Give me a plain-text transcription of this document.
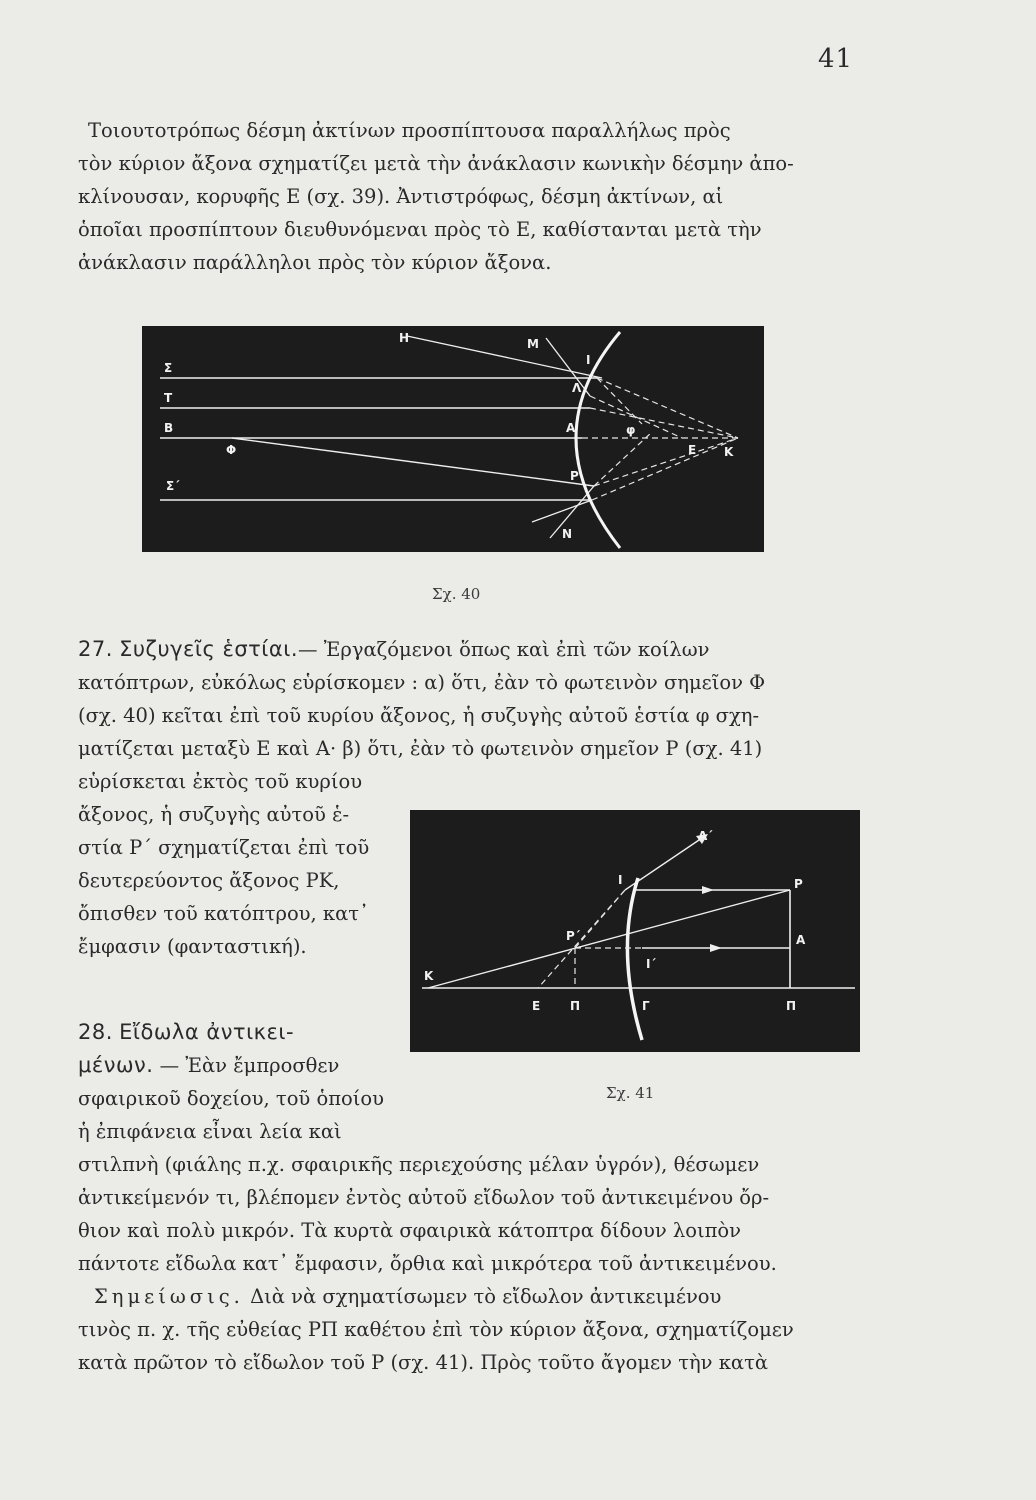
41
Τοιουτοτρόπως δέσμη ἀκτίνων προσπίπτουσα παραλλήλως πρὸς
τὸν κύριον ἄξονα σχηματίζει μετὰ τὴν ἀνάκλασιν κωνικὴν δέσμην ἀπο-
κλίνουσαν, κορυφῆς Ε (σχ. 39). Ἀντιστρόφως, δέσμη ἀκτίνων, αἱ
ὁποῖαι προσπίπτουν διευθυνόμεναι πρὸς τὸ Ε, καθίστανται μετὰ τὴν
ἀνάκλασιν παράλληλοι πρὸς τὸν κύριον ἄξονα.
Η	Μ
Ι
Σ
Τ
Λ
Β	Α	φ
Ε Κ
Φ
Σ΄
Ρ
Ν
Σχ. 40
27. Συζυγεῖς ἑστίαι.— Ἐργαζόμενοι ὅπως καὶ ἐπὶ τῶν κοίλων
κατόπτρων, εὐκόλως εὑρίσκομεν : α) ὅτι, ἐὰν τὸ φωτεινὸν σημεῖον Φ
(σχ. 40) κεῖται ἐπὶ τοῦ κυρίου ἄξονος, ἡ συζυγὴς αὐτοῦ ἑστία φ σχη-
ματίζεται μεταξὺ Ε καὶ Α· β) ὅτι, ἐὰν τὸ φωτεινὸν σημεῖον Ρ (σχ. 41)
εὑρίσκεται ἐκτὸς τοῦ κυρίου
ἄξονος, ἡ συζυγὴς αὐτοῦ ἑ-
στία Ρ΄ σχηματίζεται ἐπὶ τοῦ
δευτερεύοντος ἄξονος ΡΚ,
ὄπισθεν τοῦ κατόπτρου, κατ᾽
ἔμφασιν (φανταστική).
Α΄
Ι	Ρ
Ρ΄
Ι΄
Α
Κ
Ε Π	Γ	Π
Σχ. 41
28. Εἴδωλα ἀντικει-
μένων. — Ἐὰν ἔμπροσθεν
σφαιρικοῦ δοχείου, τοῦ ὁποίου
ἡ ἐπιφάνεια εἶναι λεία καὶ
στιλπνὴ (φιάλης π.χ. σφαιρικῆς περιεχούσης μέλαν ὑγρόν), θέσωμεν
ἀντικείμενόν τι, βλέπομεν ἐντὸς αὐτοῦ εἴδωλον τοῦ ἀντικειμένου ὄρ-
θιον καὶ πολὺ μικρόν. Τὰ κυρτὰ σφαιρικὰ κάτοπτρα δίδουν λοιπὸν
πάντοτε εἴδωλα κατ᾽ ἔμφασιν, ὄρθια καὶ μικρότερα τοῦ ἀντικειμένου.
Σημείωσις. Διὰ νὰ σχηματίσωμεν τὸ εἴδωλον ἀντικειμένου
τινὸς π. χ. τῆς εὐθείας ΡΠ καθέτου ἐπὶ τὸν κύριον ἄξονα, σχηματίζομεν
κατὰ πρῶτον τὸ εἴδωλον τοῦ Ρ (σχ. 41). Πρὸς τοῦτο ἄγομεν τὴν κατὰ
